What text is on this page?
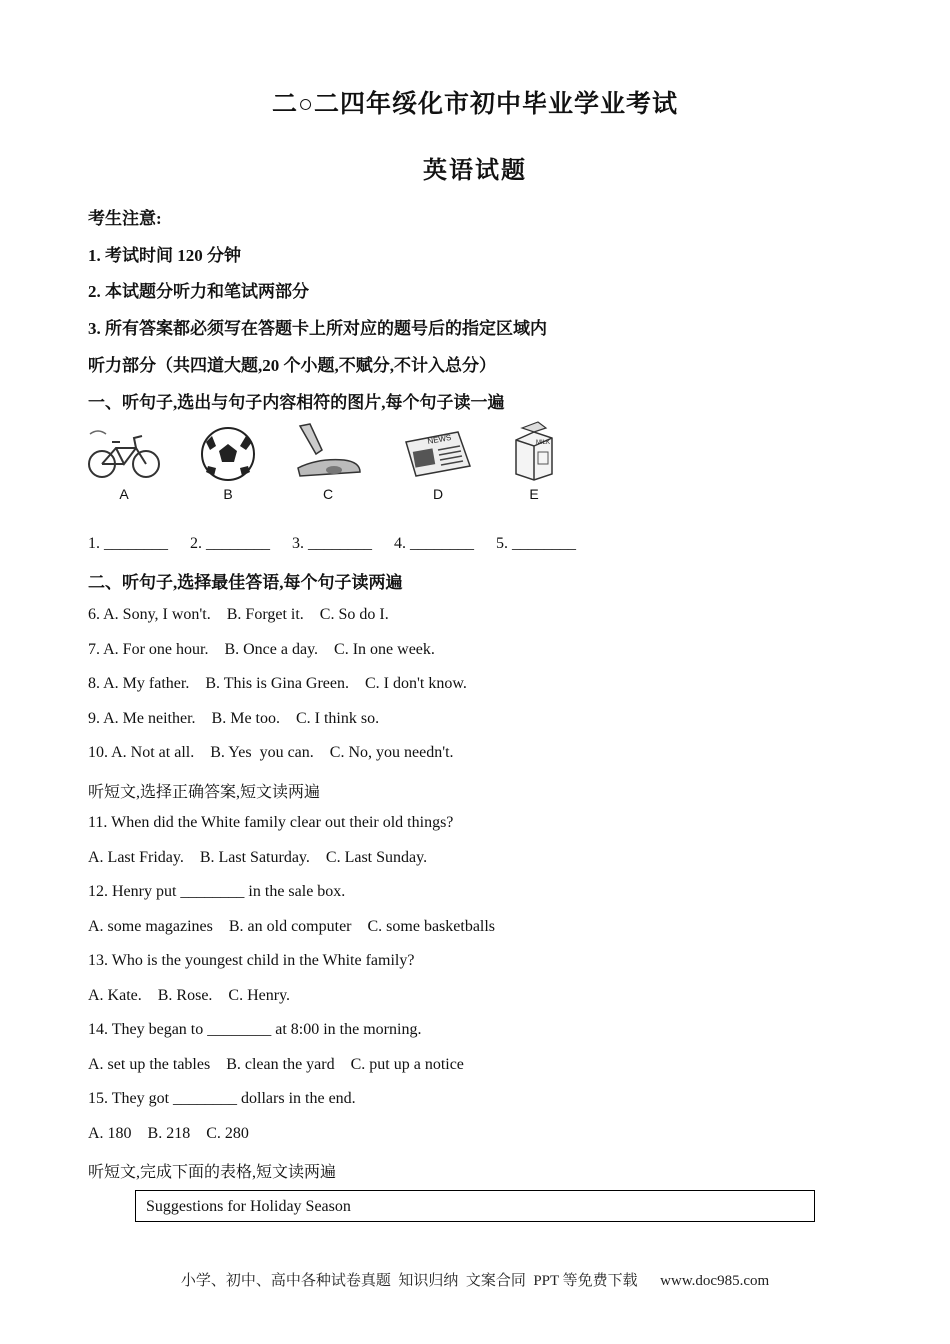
二○二四年绥化市初中毕业学业考试
英语试题
考生注意:
1. 考试时间 120 分钟
2. 本试题分听力和笔试两部分
3. 所有答案都必须写在答题卡上所对应的题号后的指定区域内
听力部分（共四道大题,20 个小题,不赋分,不计入总分）
一、听句子,选出与句子内容相符的图片,每个句子读一遍
A	B	C
NEWS
D
MILK
E
1. ________ 2. ________ 3. ________ 4. ________ 5. ________
二、听句子,选择最佳答语,每个句子读两遍
6. A. Sony, I won't.    B. Forget it.    C. So do I.
7. A. For one hour.    B. Once a day.    C. In one week.
8. A. My father.    B. This is Gina Green.    C. I don't know.
9. A. Me neither.    B. Me too.    C. I think so.
10. A. Not at all.    B. Yes  you can.    C. No, you needn't.
听短文,选择正确答案,短文读两遍
11. When did the White family clear out their old things?
A. Last Friday.    B. Last Saturday.    C. Last Sunday.
12. Henry put ________ in the sale box.
A. some magazines    B. an old computer    C. some basketballs
13. Who is the youngest child in the White family?
A. Kate.    B. Rose.    C. Henry.
14. They began to ________ at 8:00 in the morning.
A. set up the tables    B. clean the yard    C. put up a notice
15. They got ________ dollars in the end.
A. 180    B. 218    C. 280
听短文,完成下面的表格,短文读两遍
Suggestions for Holiday Season
小学、初中、高中各种试卷真题  知识归纳  文案合同  PPT 等免费下载      www.doc985.com
